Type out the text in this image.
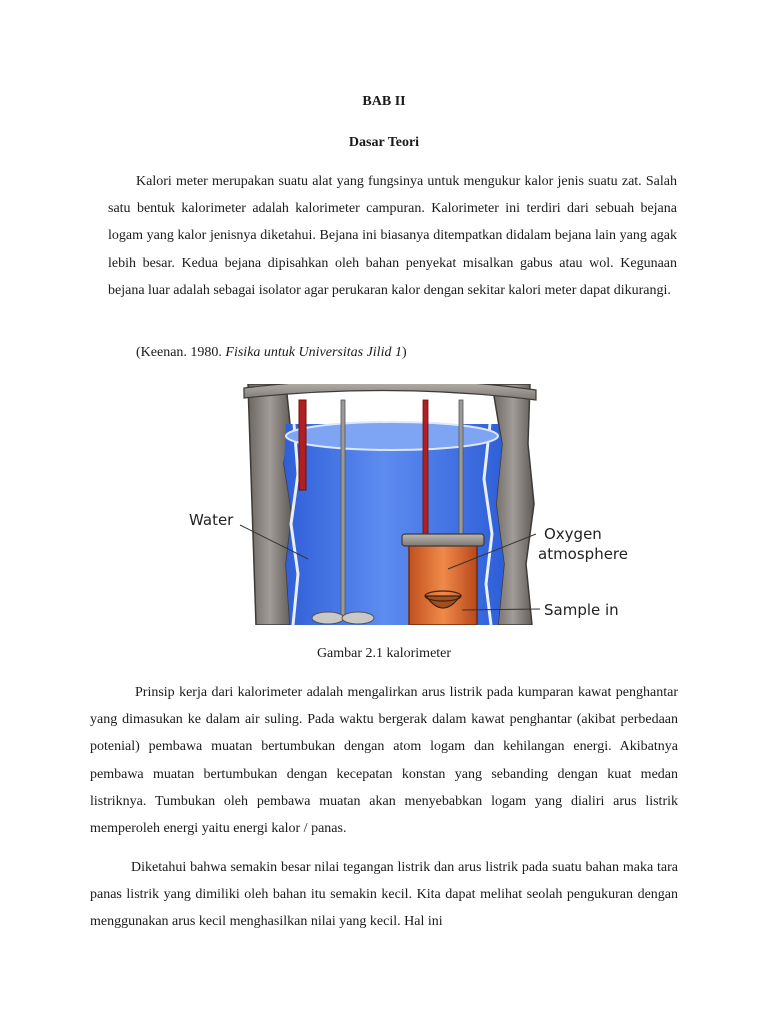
BAB II

Dasar Teori

Kalori meter merupakan suatu alat yang fungsinya untuk mengukur kalor jenis suatu zat. Salah satu bentuk kalorimeter adalah kalorimeter campuran. Kalorimeter ini terdiri dari sebuah bejana logam yang kalor jenisnya diketahui. Bejana ini biasanya ditempatkan didalam bejana lain yang agak lebih besar. Kedua bejana dipisahkan oleh bahan penyekat misalkan gabus atau wol. Kegunaan bejana luar adalah sebagai isolator agar perukaran kalor dengan sekitar kalori meter dapat dikurangi.

(Keenan. 1980. Fisika untuk Universitas Jilid 1)

Water
Oxygen
atmosphere
Sample in

Gambar 2.1 kalorimeter

Prinsip kerja dari kalorimeter adalah mengalirkan arus listrik pada kumparan kawat penghantar yang dimasukan ke dalam air suling. Pada waktu bergerak dalam kawat penghantar (akibat perbedaan potenial) pembawa muatan bertumbukan dengan atom logam dan kehilangan energi. Akibatnya pembawa muatan bertumbukan dengan kecepatan konstan yang sebanding dengan kuat medan listriknya. Tumbukan oleh pembawa muatan akan menyebabkan logam yang dialiri arus listrik memperoleh energi yaitu energi kalor / panas.

Diketahui bahwa semakin besar nilai tegangan listrik dan arus listrik pada suatu bahan maka tara panas listrik yang dimiliki oleh bahan itu semakin kecil. Kita dapat melihat seolah pengukuran dengan menggunakan arus kecil menghasilkan nilai yang kecil. Hal ini
